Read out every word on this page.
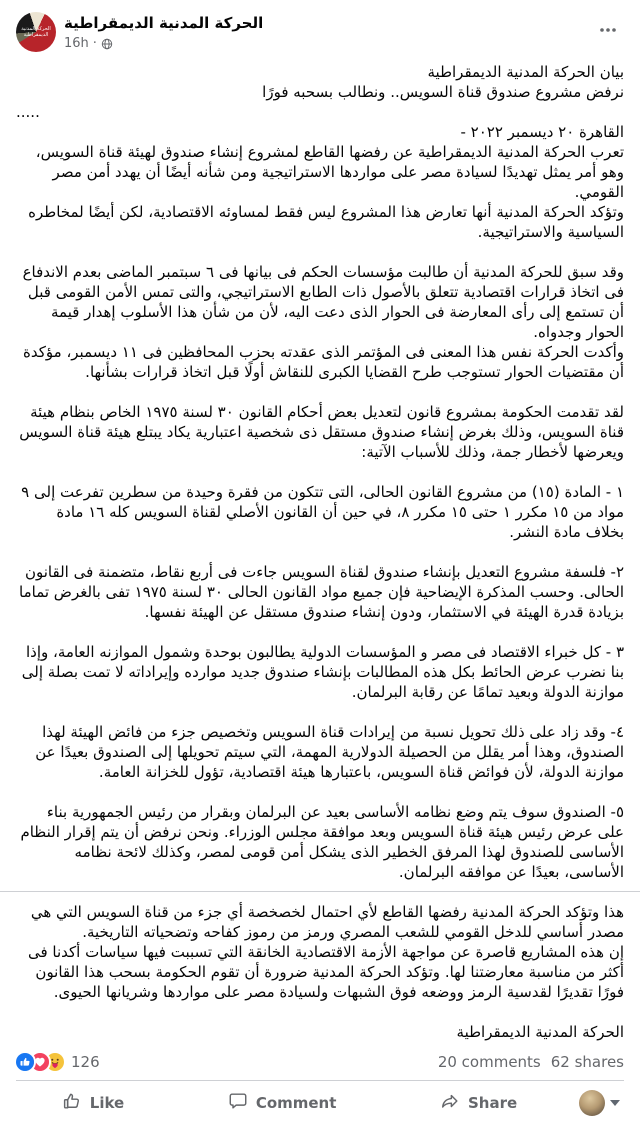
الحركة المدنية
الديمقراطية
الحركة المدنية الديمقراطية
16h ·

بيان الحركة المدنية الديمقراطية

نرفض مشروع صندوق قناة السويس.. ونطالب بسحبه فورًا

.....

القاهرة ٢٠ ديسمبر ٢٠٢٢ -

تعرب الحركة المدنية الديمقراطية عن رفضها القاطع لمشروع إنشاء صندوق لهيئة قناة السويس، وهو أمر يمثل تهديدًا لسيادة مصر على مواردها الاستراتيجية ومن شأنه أيضًا أن يهدد أمن مصر القومي.

وتؤكد الحركة المدنية أنها تعارض هذا المشروع ليس فقط لمساوئه الاقتصادية، لكن أيضًا لمخاطره السياسية والاستراتيجية.

وقد سبق للحركة المدنية أن طالبت مؤسسات الحكم فى بيانها فى ٦ سبتمبر الماضى بعدم الاندفاع فى اتخاذ قرارات اقتصادية تتعلق بالأصول ذات الطابع الاستراتيجي، والتى تمس الأمن القومى قبل أن تستمع إلى رأى المعارضة فى الحوار الذى دعت اليه، لأن من شأن هذا الأسلوب إهدار قيمة الحوار وجدواه.

وأكدت الحركة نفس هذا المعنى فى المؤتمر الذى عقدته بحزب المحافظين فى ١١ ديسمبر، مؤكدة أن مقتضيات الحوار تستوجب طرح القضايا الكبرى للنقاش أولًا قبل اتخاذ قرارات بشأنها.

لقد تقدمت الحكومة بمشروع قانون لتعديل بعض أحكام القانون ٣٠ لسنة ١٩٧٥ الخاص بنظام هيئة قناة السويس، وذلك بغرض إنشاء صندوق مستقل ذى شخصية اعتبارية يكاد يبتلع هيئة قناة السويس ويعرضها لأخطار جمة، وذلك للأسباب الآتية:

١ - المادة (١٥) من مشروع القانون الحالى، التى تتكون من فقرة وحيدة من سطرين تفرعت إلى ٩ مواد من ١٥ مكرر ١ حتى ١٥ مكرر ٨، في حين أن القانون الأصلي لقناة السويس كله ١٦ مادة بخلاف مادة النشر.

٢- فلسفة مشروع التعديل بإنشاء صندوق لقناة السويس جاءت فى أربع نقاط، متضمنة فى القانون الحالى. وحسب المذكرة الإيضاحية فإن جميع مواد القانون الحالى ٣٠ لسنة ١٩٧٥ تفى بالغرض تماما بزيادة قدرة الهيئة في الاستثمار، ودون إنشاء صندوق مستقل عن الهيئة نفسها.

٣ - كل خبراء الاقتصاد فى مصر و المؤسسات الدولية يطالبون بوحدة وشمول الموازنه العامة، وإذا بنا نضرب عرض الحائط بكل هذه المطالبات بإنشاء صندوق جديد موارده وإيراداته لا تمت بصلة إلى موازنة الدولة وبعيد تمامًا عن رقابة البرلمان.

٤- وقد زاد على ذلك تحويل نسبة من إيرادات قناة السويس وتخصيص جزء من فائض الهيئة لهذا الصندوق، وهذا أمر يقلل من الحصيلة الدولارية المهمة، التي سيتم تحويلها إلى الصندوق بعيدًا عن موازنة الدولة، لأن فوائض قناة السويس، باعتبارها هيئة اقتصادية، تؤول للخزانة العامة.

٥- الصندوق سوف يتم وضع نظامه الأساسى بعيد عن البرلمان وبقرار من رئيس الجمهورية بناء على عرض رئيس هيئة قناة السويس وبعد موافقة مجلس الوزراء. ونحن نرفض أن يتم إقرار النظام الأساسى للصندوق لهذا المرفق الخطير الذى يشكل أمن قومى لمصر، وكذلك لائحة نظامه الأساسى، بعيدًا عن موافقه البرلمان.

هذا وتؤكد الحركة المدنية رفضها القاطع لأي احتمال لخصخصة أي جزء من قناة السويس التي هي مصدر أساسي للدخل القومي للشعب المصري ورمز من رموز كفاحه وتضحياته التاريخية.

إن هذه المشاريع قاصرة عن مواجهة الأزمة الاقتصادية الخانقة التي تسببت فيها سياسات أكدنا فى أكثر من مناسبة معارضتنا لها. وتؤكد الحركة المدنية ضرورة أن تقوم الحكومة بسحب هذا القانون فورًا تقديرًا لقدسية الرمز ووضعه فوق الشبهات ولسيادة مصر على مواردها وشريانها الحيوى.

الحركة المدنية الديمقراطية

126	20 comments 62 shares
Like	Comment	Share
